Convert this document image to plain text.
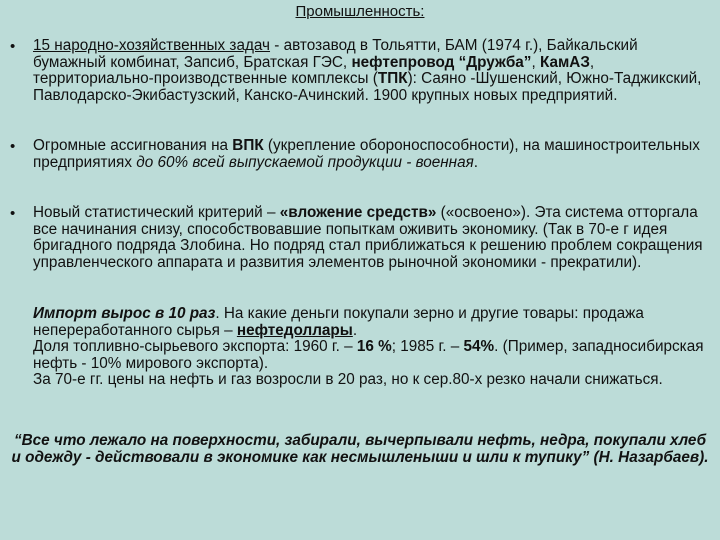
Промышленность:
• 15 народно-хозяйственных задач - автозавод в Тольятти, БАМ (1974 г.), Байкальский бумажный комбинат, Запсиб, Братская ГЭС, нефтепровод “Дружба”, КамАЗ, территориально-производственные комплексы (ТПК): Саяно -Шушенский, Южно-Таджикский, Павлодарско-Экибастузский, Канско-Ачинский. 1900 крупных новых предприятий.
• Огромные ассигнования на ВПК (укрепление обороноспособности), на машиностроительных предприятиях до 60% всей выпускаемой продукции - военная.
• Новый статистический критерий – «вложение средств» («освоено»). Эта система отторгала все начинания снизу, способствовавшие попыткам оживить экономику. (Так в 70-е г идея бригадного подряда Злобина. Но подряд стал приближаться к решению проблем сокращения управленческого аппарата и развития элементов рыночной экономики - прекратили).
Импорт вырос в 10 раз. На какие деньги покупали зерно и другие товары: продажа непереработанного сырья – нефтедоллары.
Доля топливно-сырьевого экспорта: 1960 г. – 16 %; 1985 г. – 54%. (Пример, западносибирская нефть - 10% мирового экспорта).
За 70-е гг. цены на нефть и газ возросли в 20 раз, но к сер.80-х резко начали снижаться.
“Все что лежало на поверхности, забирали, вычерпывали нефть, недра, покупали хлеб и одежду - действовали в экономике как несмышленыши и шли к тупику” (Н. Назарбаев).
